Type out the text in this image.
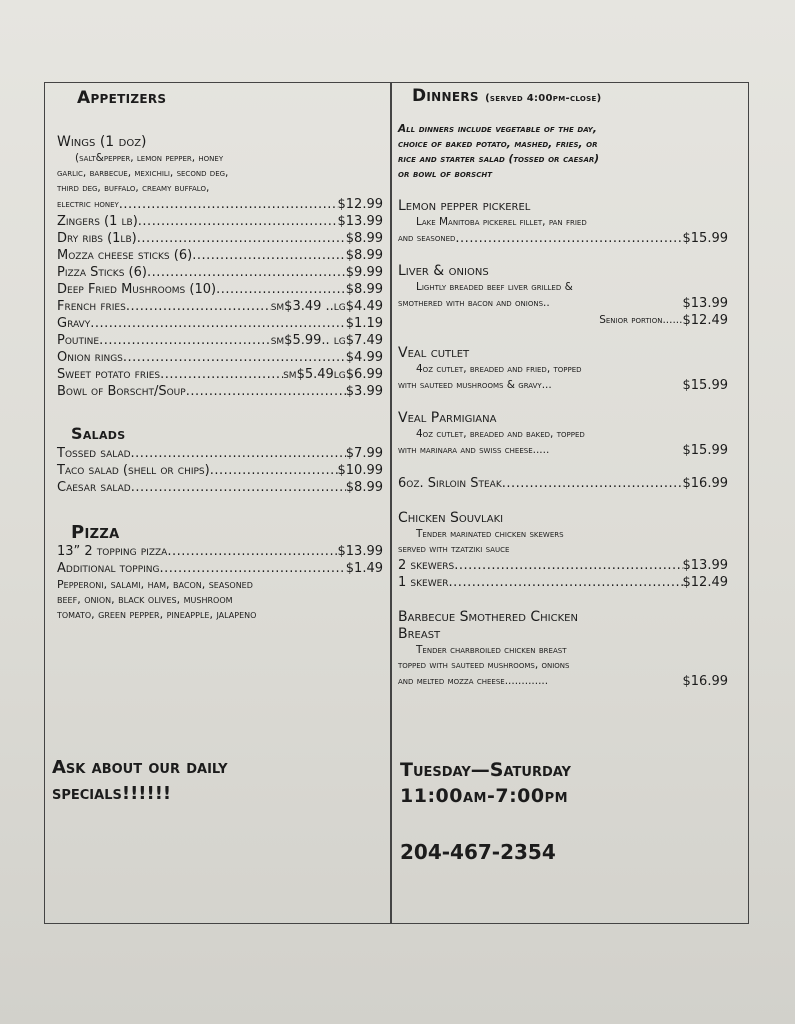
Appetizers
Wings (1 doz)
(salt&pepper, lemon pepper, honey
garlic, barbecue, mexichili, second deg,
third deg, buffalo, creamy buffalo,
electric honey .....	$12.99
Zingers (1 lb) .....	$13.99
Dry ribs (1lb) .....	$8.99
Mozza cheese sticks (6) .....	$8.99
Pizza Sticks (6) .....	$9.99
Deep Fried Mushrooms (10) .....	$8.99
French fries .....	sm$3.49 ..lg$4.49
Gravy .....	$1.19
Poutine .....	sm$5.99.. lg$7.49
Onion rings .....	$4.99
Sweet potato fries .....	sm$5.49lg$6.99
Bowl of Borscht/Soup .....	$3.99
Salads
Tossed salad .....	$7.99
Taco salad (shell or chips) .....	$10.99
Caesar salad .....	$8.99
Pizza
13” 2 topping pizza .....	$13.99
Additional topping .....	$1.49
Pepperoni, salami, ham, bacon, seasoned
beef, onion, black olives, mushroom
tomato, green pepper, pineapple, jalapeno
Ask about our daily
specials!!!!!!
Dinners (served 4:00pm-close)
All dinners include vegetable of the day,
choice of baked potato, mashed, fries, or
rice and starter salad (tossed or caesar)
or bowl of borscht
Lemon pepper pickerel
Lake Manitoba pickerel fillet, pan fried
and seasoned .....	$15.99
Liver & onions
Lightly breaded beef liver grilled &
smothered with bacon and onions..	$13.99
Senior portion...... $12.49
Veal cutlet
4oz cutlet, breaded and fried, topped
with sauteed mushrooms & gravy...	$15.99
Veal Parmigiana
4oz cutlet, breaded and baked, topped
with marinara and swiss cheese.....	$15.99
6oz. Sirloin Steak .....	$16.99
Chicken Souvlaki
Tender marinated chicken skewers
served with tzatziki sauce
2 skewers .....	$13.99
1 skewer .....	$12.49
Barbecue Smothered Chicken
Breast
Tender charbroiled chicken breast
topped with sauteed mushrooms, onions
and melted mozza cheese.............	$16.99
Tuesday—Saturday
11:00am-7:00pm
204-467-2354
